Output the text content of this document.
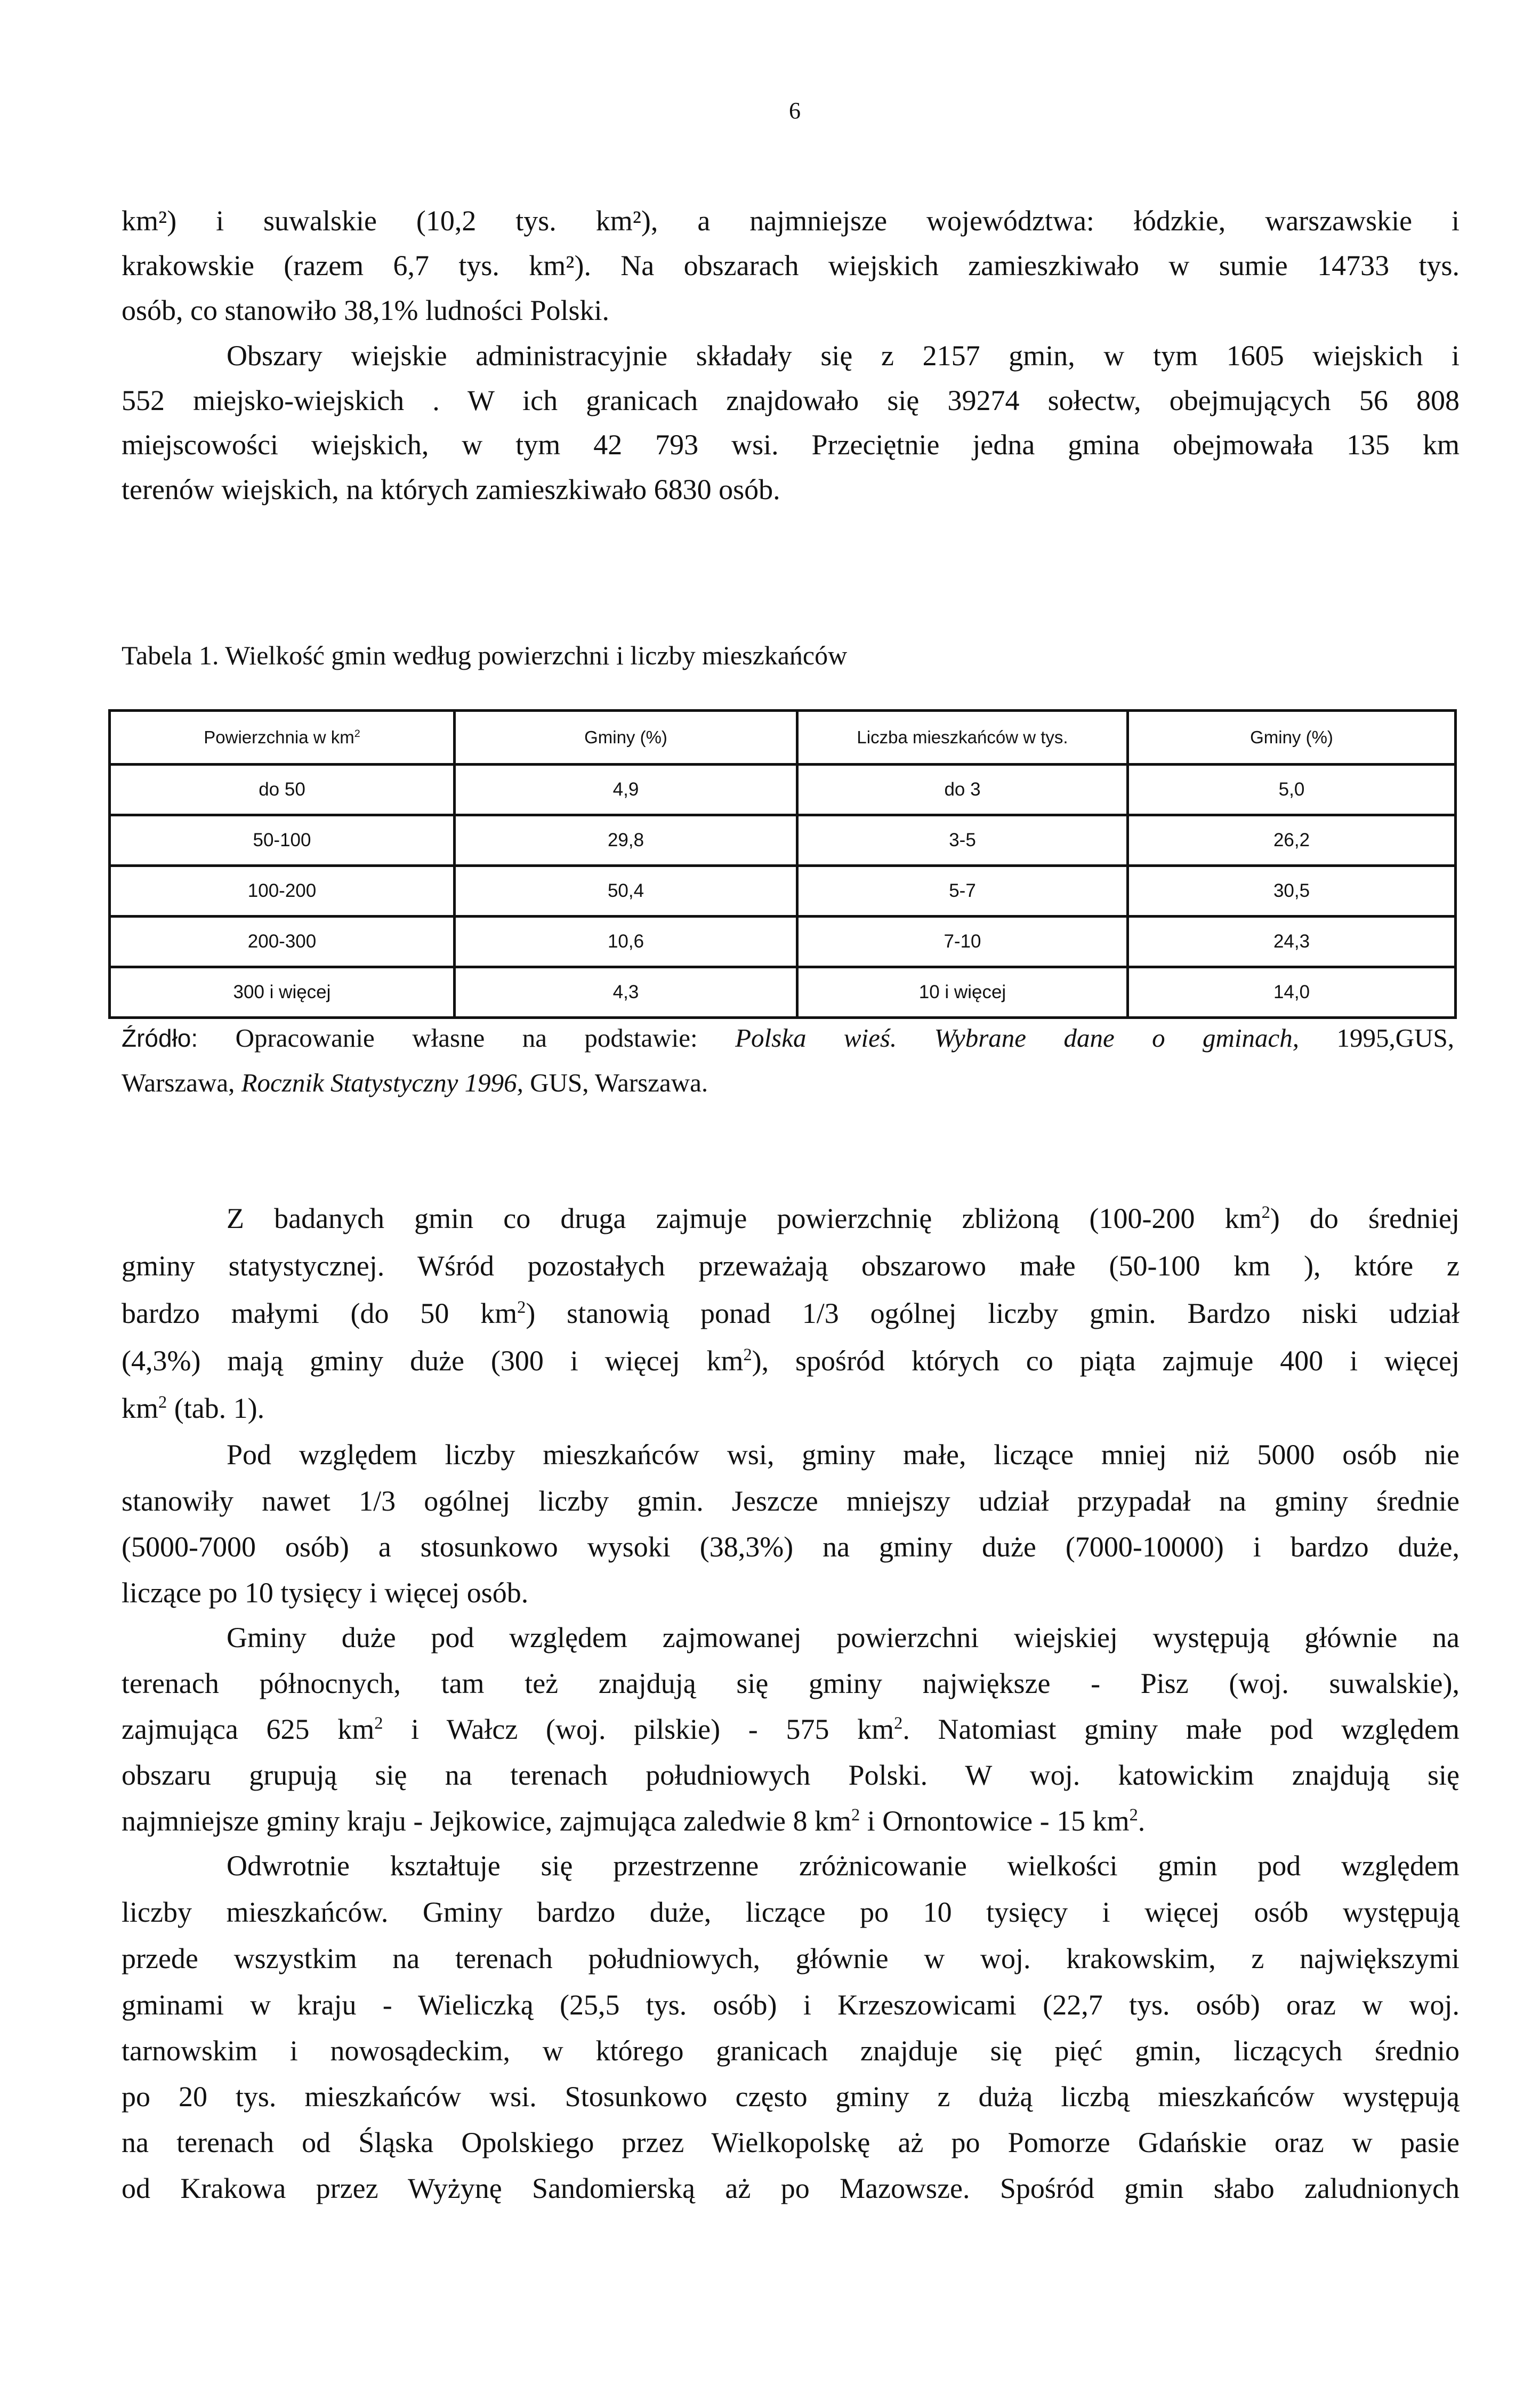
6
km²) i suwalskie (10,2 tys. km²), a najmniejsze województwa: łódzkie, warszawskie i
krakowskie (razem 6,7 tys. km²). Na obszarach wiejskich zamieszkiwało w sumie 14733 tys.
osób, co stanowiło 38,1% ludności Polski.
Obszary wiejskie administracyjnie składały się z 2157 gmin, w tym 1605 wiejskich i
552 miejsko-wiejskich . W ich granicach znajdowało się 39274 sołectw, obejmujących 56 808
miejscowości wiejskich, w tym 42 793 wsi. Przeciętnie jedna gmina obejmowała 135 km
terenów wiejskich, na których zamieszkiwało 6830 osób.
Tabela 1. Wielkość gmin według powierzchni i liczby mieszkańców
Powierzchnia w $km^2$	Gminy (%)	Liczba mieszkańców w tys.	Gminy (%)
do 50	4,9	do 3	5,0
50-100	29,8	3-5	26,2
100-200	50,4	5-7	30,5
200-300	10,6	7-10	24,3
300 i więcej	4,3	10 i więcej	14,0
Źródło: Opracowanie własne na podstawie: Polska wieś. Wybrane dane o gminach, 1995,GUS,
Warszawa, Rocznik Statystyczny 1996, GUS, Warszawa.
Z badanych gmin co druga zajmuje powierzchnię zbliżoną (100-200 $km^2$) do średniej
gminy statystycznej. Wśród pozostałych przeważają obszarowo małe (50-100 km ), które z
bardzo małymi (do 50 $km^2$) stanowią ponad 1/3 ogólnej liczby gmin. Bardzo niski udział
(4,3%) mają gminy duże (300 i więcej $km^2$), spośród których co piąta zajmuje 400 i więcej
$km^2$ (tab. 1).
Pod względem liczby mieszkańców wsi, gminy małe, liczące mniej niż 5000 osób nie
stanowiły nawet 1/3 ogólnej liczby gmin. Jeszcze mniejszy udział przypadał na gminy średnie
(5000-7000 osób) a stosunkowo wysoki (38,3%) na gminy duże (7000-10000) i bardzo duże,
liczące po 10 tysięcy i więcej osób.
Gminy duże pod względem zajmowanej powierzchni wiejskiej występują głównie na
terenach północnych, tam też znajdują się gminy największe - Pisz (woj. suwalskie),
zajmująca 625 $km^2$ i Wałcz (woj. pilskie) - 575 $km^2$. Natomiast gminy małe pod względem
obszaru grupują się na terenach południowych Polski. W woj. katowickim znajdują się
najmniejsze gminy kraju - Jejkowice, zajmująca zaledwie 8 $km^2$ i Ornontowice - 15 $km^2$.
Odwrotnie kształtuje się przestrzenne zróżnicowanie wielkości gmin pod względem
liczby mieszkańców. Gminy bardzo duże, liczące po 10 tysięcy i więcej osób występują
przede wszystkim na terenach południowych, głównie w woj. krakowskim, z największymi
gminami w kraju - Wieliczką (25,5 tys. osób) i Krzeszowicami (22,7 tys. osób) oraz w woj.
tarnowskim i nowosądeckim, w którego granicach znajduje się pięć gmin, liczących średnio
po 20 tys. mieszkańców wsi. Stosunkowo często gminy z dużą liczbą mieszkańców występują
na terenach od Śląska Opolskiego przez Wielkopolskę aż po Pomorze Gdańskie oraz w pasie
od Krakowa przez Wyżynę Sandomierską aż po Mazowsze. Spośród gmin słabo zaludnionych
